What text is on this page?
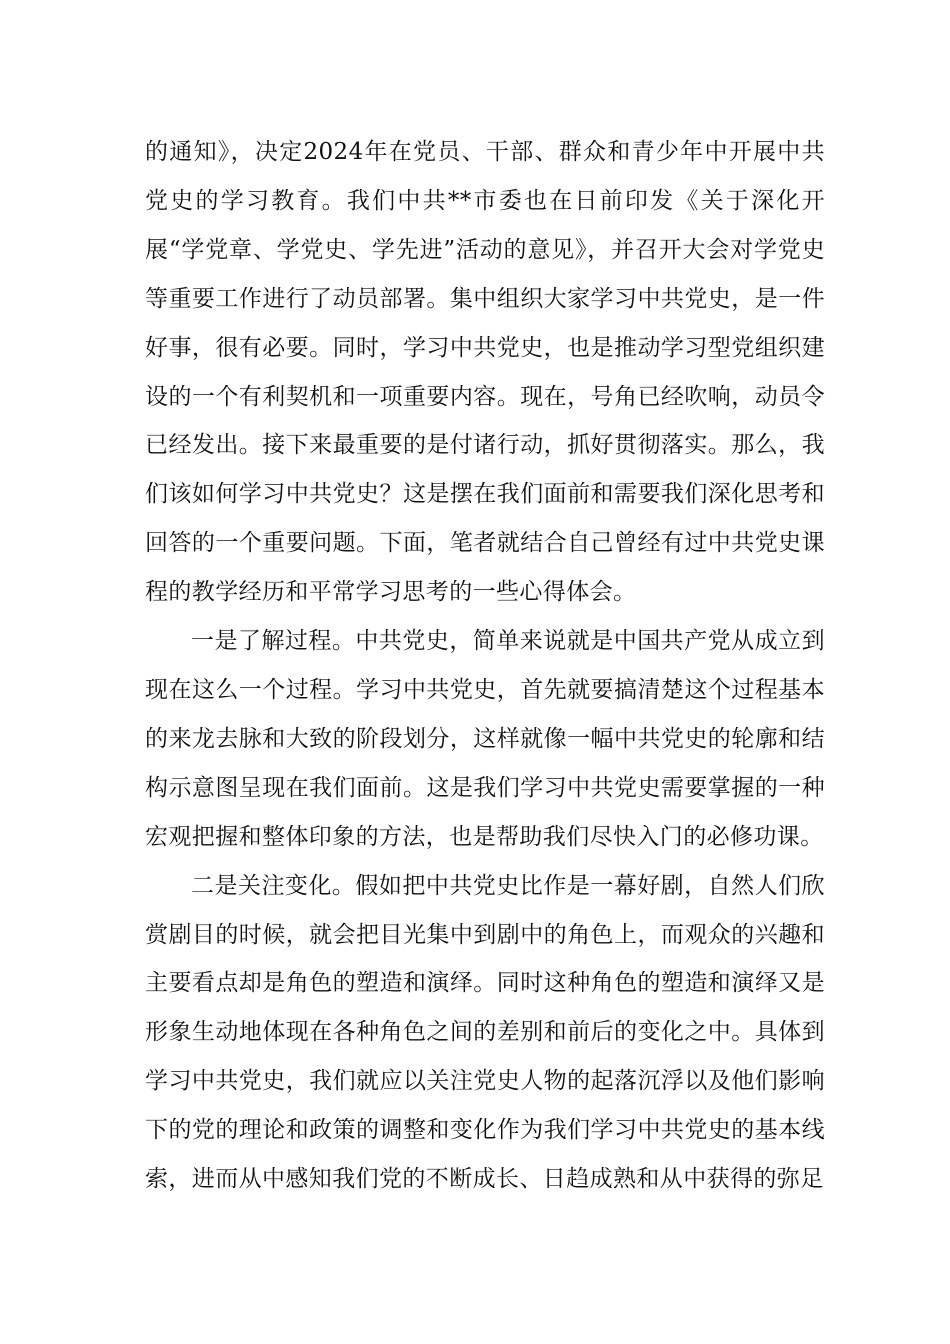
的通知》，决定2024年在党员、干部、群众和青少年中开展中共党史的学习教育。我们中共**市委也在日前印发《关于深化开展“学党章、学党史、学先进”活动的意见》，并召开大会对学党史等重要工作进行了动员部署。集中组织大家学习中共党史，是一件好事，很有必要。同时，学习中共党史，也是推动学习型党组织建设的一个有利契机和一项重要内容。现在，号角已经吹响，动员令已经发出。接下来最重要的是付诸行动，抓好贯彻落实。那么，我们该如何学习中共党史？这是摆在我们面前和需要我们深化思考和回答的一个重要问题。下面，笔者就结合自己曾经有过中共党史课程的教学经历和平常学习思考的一些心得体会。

一是了解过程。中共党史，简单来说就是中国共产党从成立到现在这么一个过程。学习中共党史，首先就要搞清楚这个过程基本的来龙去脉和大致的阶段划分，这样就像一幅中共党史的轮廓和结构示意图呈现在我们面前。这是我们学习中共党史需要掌握的一种宏观把握和整体印象的方法，也是帮助我们尽快入门的必修功课。

二是关注变化。假如把中共党史比作是一幕好剧，自然人们欣赏剧目的时候，就会把目光集中到剧中的角色上，而观众的兴趣和主要看点却是角色的塑造和演绎。同时这种角色的塑造和演绎又是形象生动地体现在各种角色之间的差别和前后的变化之中。具体到学习中共党史，我们就应以关注党史人物的起落沉浮以及他们影响下的党的理论和政策的调整和变化作为我们学习中共党史的基本线索，进而从中感知我们党的不断成长、日趋成熟和从中获得的弥足
